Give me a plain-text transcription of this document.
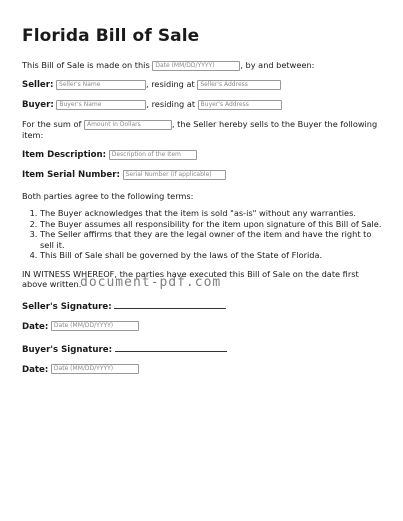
Florida Bill of Sale

This Bill of Sale is made on this Date (MM/DD/YYYY)	, by and between:

Seller: Seller's Name	, residing at Seller's Address

Buyer: Buyer's Name	, residing at Buyer's Address

For the sum of Amount in Dollars	, the Seller hereby sells to the Buyer the following item:

Item Description: Description of the Item

Item Serial Number: Serial Number (if applicable)

Both parties agree to the following terms:

1. The Buyer acknowledges that the item is sold "as-is" without any warranties.
2. The Buyer assumes all responsibility for the item upon signature of this Bill of Sale.
3. The Seller affirms that they are the legal owner of the item and have the right to sell it.
4. This Bill of Sale shall be governed by the laws of the State of Florida.

IN WITNESS WHEREOF, the parties have executed this Bill of Sale on the date first above written.

document-pdf.com

Seller's Signature:

Date: Date (MM/DD/YYYY)

Buyer's Signature:

Date: Date (MM/DD/YYYY)
